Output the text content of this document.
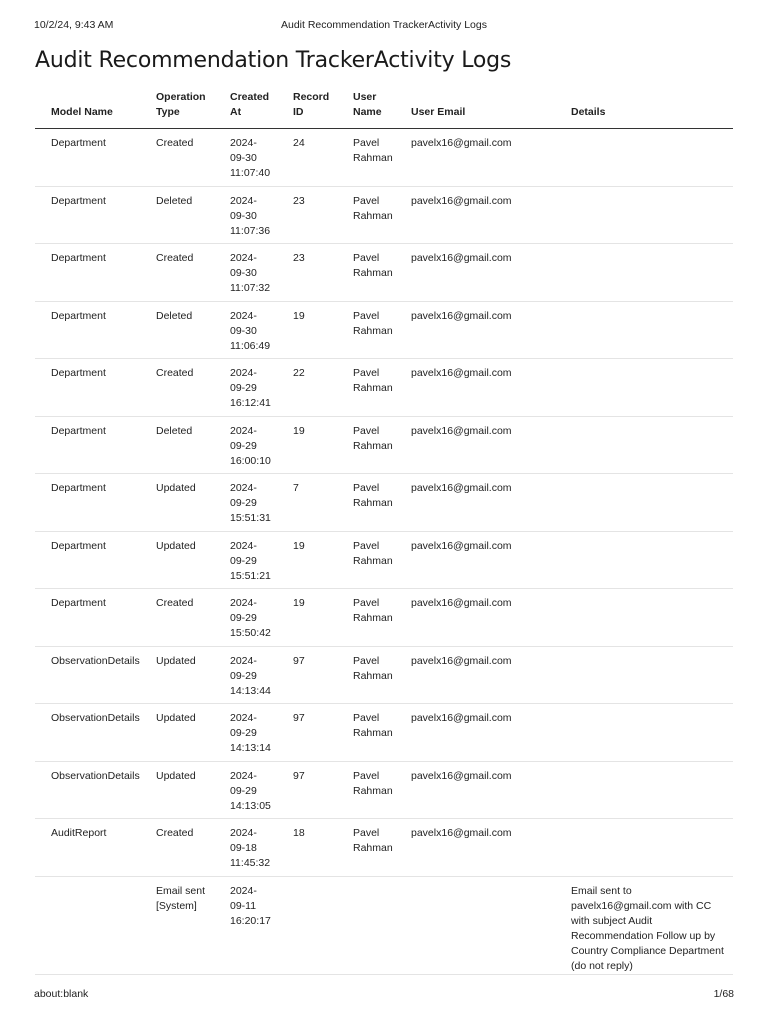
10/2/24, 9:43 AM	Audit Recommendation TrackerActivity Logs
Audit Recommendation TrackerActivity Logs
Model Name	Operation Type	Created At	Record ID	User Name	User Email	Details
Department	Created	2024-09-30 11:07:40	24	Pavel Rahman	pavelx16@gmail.com	
Department	Deleted	2024-09-30 11:07:36	23	Pavel Rahman	pavelx16@gmail.com	
Department	Created	2024-09-30 11:07:32	23	Pavel Rahman	pavelx16@gmail.com	
Department	Deleted	2024-09-30 11:06:49	19	Pavel Rahman	pavelx16@gmail.com	
Department	Created	2024-09-29 16:12:41	22	Pavel Rahman	pavelx16@gmail.com	
Department	Deleted	2024-09-29 16:00:10	19	Pavel Rahman	pavelx16@gmail.com	
Department	Updated	2024-09-29 15:51:31	7	Pavel Rahman	pavelx16@gmail.com	
Department	Updated	2024-09-29 15:51:21	19	Pavel Rahman	pavelx16@gmail.com	
Department	Created	2024-09-29 15:50:42	19	Pavel Rahman	pavelx16@gmail.com	
ObservationDetails	Updated	2024-09-29 14:13:44	97	Pavel Rahman	pavelx16@gmail.com	
ObservationDetails	Updated	2024-09-29 14:13:14	97	Pavel Rahman	pavelx16@gmail.com	
ObservationDetails	Updated	2024-09-29 14:13:05	97	Pavel Rahman	pavelx16@gmail.com	
AuditReport	Created	2024-09-18 11:45:32	18	Pavel Rahman	pavelx16@gmail.com	

	Email sent [System]	2024-09-11 16:20:17				Email sent to pavelx16@gmail.com with CC with subject Audit Recommendation Follow up by Country Compliance Department (do not reply)
about:blank	1/68
